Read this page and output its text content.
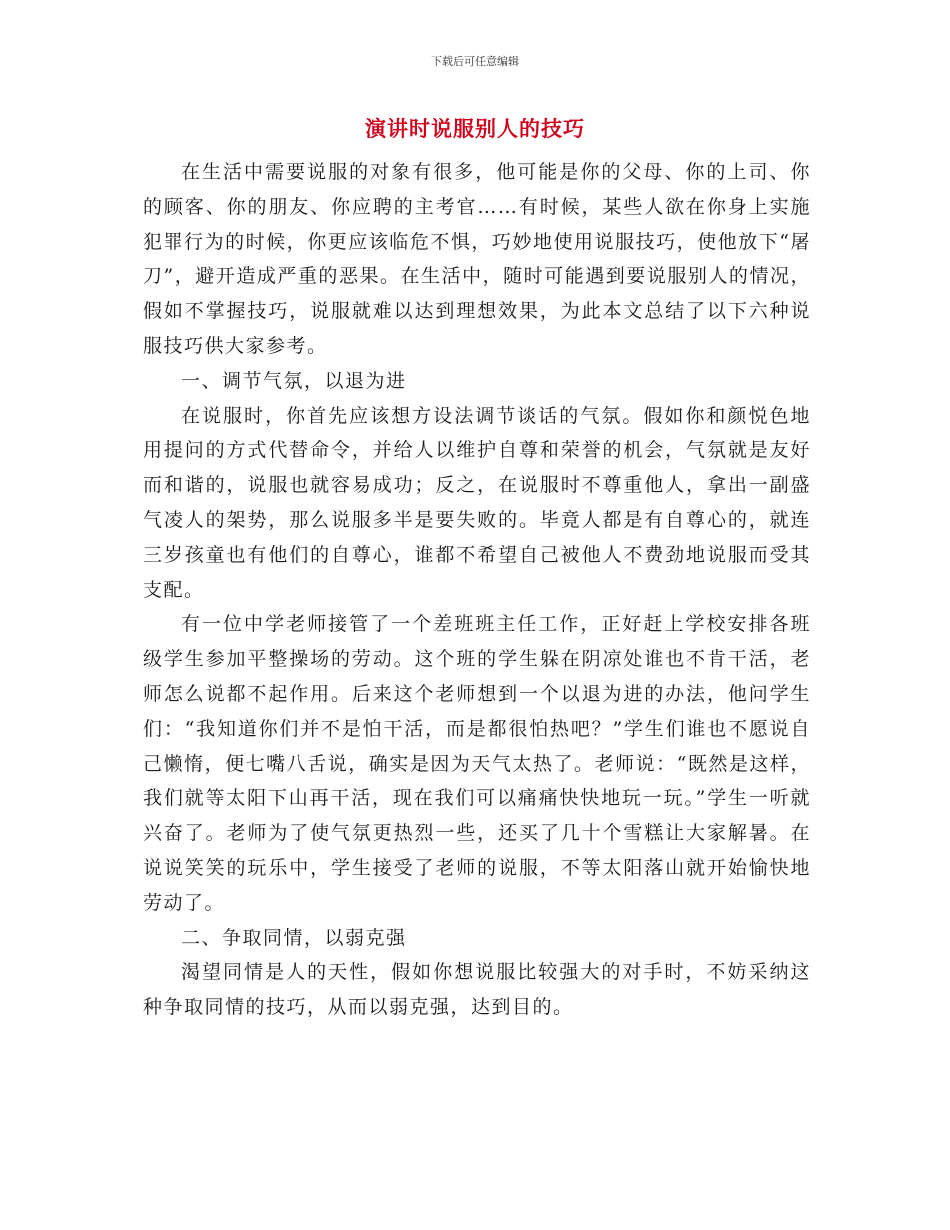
下载后可任意编辑
演讲时说服别人的技巧

在生活中需要说服的对象有很多，他可能是你的父母、你的上司、你的顾客、你的朋友、你应聘的主考官……有时候，某些人欲在你身上实施犯罪行为的时候，你更应该临危不惧，巧妙地使用说服技巧，使他放下“屠刀”，避开造成严重的恶果。在生活中，随时可能遇到要说服别人的情况，假如不掌握技巧，说服就难以达到理想效果，为此本文总结了以下六种说服技巧供大家参考。

一、调节气氛，以退为进

在说服时，你首先应该想方设法调节谈话的气氛。假如你和颜悦色地用提问的方式代替命令，并给人以维护自尊和荣誉的机会，气氛就是友好而和谐的，说服也就容易成功；反之，在说服时不尊重他人，拿出一副盛气凌人的架势，那么说服多半是要失败的。毕竟人都是有自尊心的，就连三岁孩童也有他们的自尊心，谁都不希望自己被他人不费劲地说服而受其支配。

有一位中学老师接管了一个差班班主任工作，正好赶上学校安排各班级学生参加平整操场的劳动。这个班的学生躲在阴凉处谁也不肯干活，老师怎么说都不起作用。后来这个老师想到一个以退为进的办法，他问学生们：“我知道你们并不是怕干活，而是都很怕热吧？”学生们谁也不愿说自己懒惰，便七嘴八舌说，确实是因为天气太热了。老师说：“既然是这样，我们就等太阳下山再干活，现在我们可以痛痛快快地玩一玩。”学生一听就兴奋了。老师为了使气氛更热烈一些，还买了几十个雪糕让大家解暑。在说说笑笑的玩乐中，学生接受了老师的说服，不等太阳落山就开始愉快地劳动了。

二、争取同情，以弱克强

渴望同情是人的天性，假如你想说服比较强大的对手时，不妨采纳这种争取同情的技巧，从而以弱克强，达到目的。
